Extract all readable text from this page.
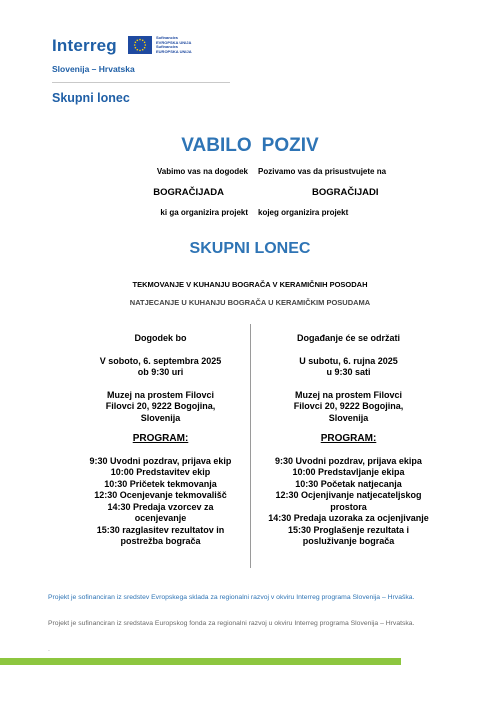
Interreg	Sofinancira
EVROPSKA UNIJA
Sufinancira
EUROPSKA UNIJA
Slovenija – Hrvatska
Skupni lonec
VABILO POZIV
Vabimo vas na dogodek Pozivamo vas da prisustvujete na
BOGRAČIJADA	BOGRAČIJADI
ki ga organizira projekt kojeg organizira projekt
SKUPNI LONEC
TEKMOVANJE V KUHANJU BOGRAČA V KERAMIČNIH POSODAH
NATJECANJE U KUHANJU BOGRAČA U KERAMIČKIM POSUDAMA

Dogodek bo

V soboto, 6. septembra 2025

ob 9:30 uri

Muzej na prostem Filovci

Filovci 20, 9222 Bogojina,

Slovenija

PROGRAM:

9:30 Uvodni pozdrav, prijava ekip

10:00 Predstavitev ekip

10:30 Pričetek tekmovanja

12:30 Ocenjevanje tekmovališč

14:30 Predaja vzorcev za

ocenjevanje

15:30 razglasitev rezultatov in

postrežba bograča

Događanje će se održati

U subotu, 6. rujna 2025

u 9:30 sati

Muzej na prostem Filovci

Filovci 20, 9222 Bogojina,

Slovenija

PROGRAM:

9:30 Uvodni pozdrav, prijava ekipa

10:00 Predstavljanje ekipa

10:30 Početak natjecanja

12:30 Ocjenjivanje natjecateljskog

prostora

14:30 Predaja uzoraka za ocjenjivanje

15:30 Proglašenje rezultata i

posluživanje bograča

Projekt je sofinanciran iz sredstev Evropskega sklada za regionalni razvoj v okviru Interreg programa Slovenija – Hrvaška.
Projekt je sufinanciran iz sredstava Europskog fonda za regionalni razvoj u okviru Interreg programa Slovenija – Hrvatska.
.
